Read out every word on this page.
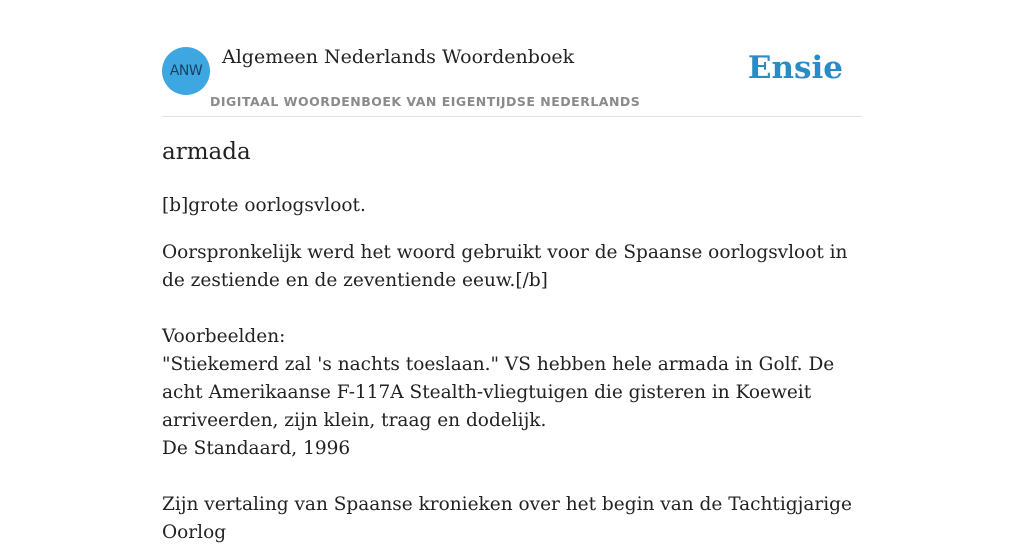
ANW
Algemeen Nederlands Woordenboek
DIGITAAL WOORDENBOEK VAN EIGENTIJDSE NEDERLANDS
Ensie
armada

[b]grote oorlogsvloot.

Oorspronkelijk werd het woord gebruikt voor de Spaanse oorlogsvloot in de zestiende en de zeventiende eeuw.[/b]

Voorbeelden:

"Stiekemerd zal 's nachts toeslaan." VS hebben hele armada in Golf. De acht Amerikaanse F-117A Stealth-vliegtuigen die gisteren in Koeweit arriveerden, zijn klein, traag en dodelijk.

De Standaard, 1996

Zijn vertaling van Spaanse kronieken over het begin van de Tachtigjarige Oorlog
